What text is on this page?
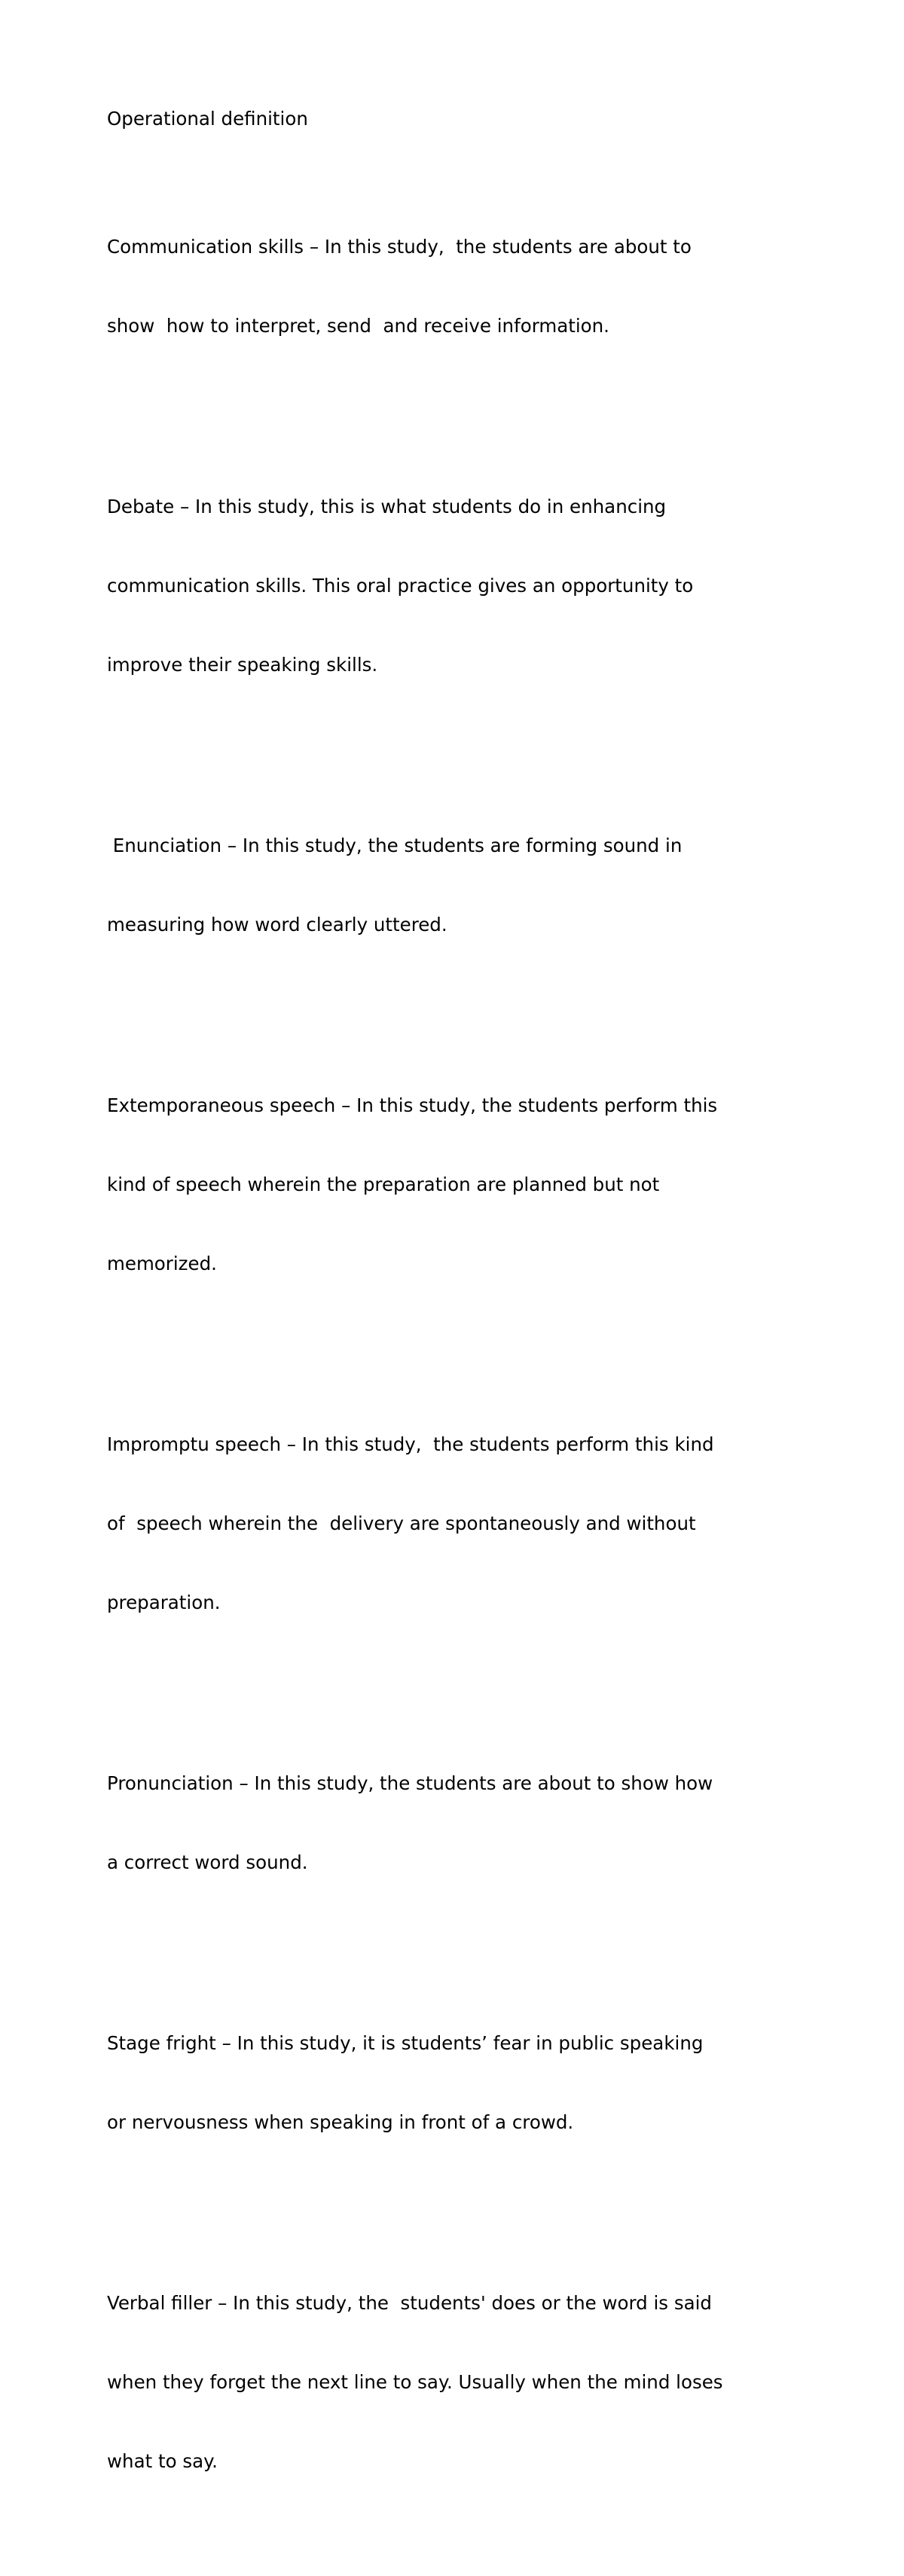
Operational definition

Communication skills – In this study,  the students are about to

show  how to interpret, send  and receive information.

Debate – In this study, this is what students do in enhancing

communication skills. This oral practice gives an opportunity to

improve their speaking skills.

Enunciation – In this study, the students are forming sound in

measuring how word clearly uttered.

Extemporaneous speech – In this study, the students perform this

kind of speech wherein the preparation are planned but not

memorized.

Impromptu speech – In this study,  the students perform this kind

of  speech wherein the  delivery are spontaneously and without

preparation.

Pronunciation – In this study, the students are about to show how

a correct word sound.

Stage fright – In this study, it is students’ fear in public speaking

or nervousness when speaking in front of a crowd.

Verbal filler – In this study, the  students' does or the word is said

when they forget the next line to say. Usually when the mind loses

what to say.
